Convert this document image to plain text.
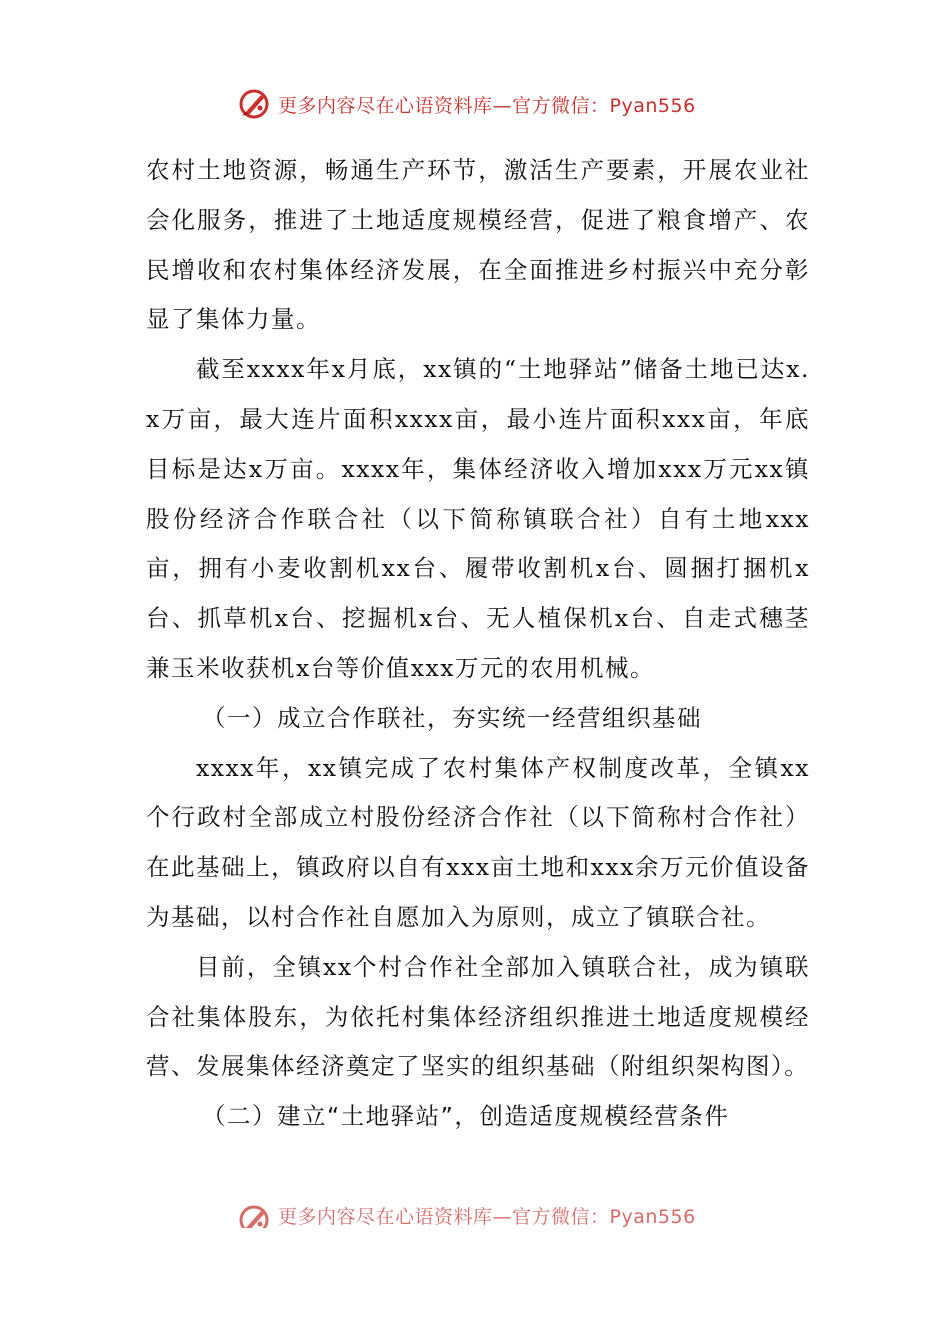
更多内容尽在心语资料库—官方微信：Pyan556

农村土地资源，畅通生产环节，激活生产要素，开展农业社会化服务，推进了土地适度规模经营，促进了粮食增产、农民增收和农村集体经济发展，在全面推进乡村振兴中充分彰显了集体力量。

截至xxxx年x月底，xx镇的“土地驿站”储备土地已达x.x万亩，最大连片面积xxxx亩，最小连片面积xxx亩，年底目标是达x万亩。xxxx年，集体经济收入增加xxx万元xx镇股份经济合作联合社（以下简称镇联合社）自有土地xxx亩，拥有小麦收割机xx台、履带收割机x台、圆捆打捆机x台、抓草机x台、挖掘机x台、无人植保机x台、自走式穗茎兼玉米收获机x台等价值xxx万元的农用机械。

（一）成立合作联社，夯实统一经营组织基础

xxxx年，xx镇完成了农村集体产权制度改革，全镇xx个行政村全部成立村股份经济合作社（以下简称村合作社）在此基础上，镇政府以自有xxx亩土地和xxx余万元价值设备为基础，以村合作社自愿加入为原则，成立了镇联合社。

目前，全镇xx个村合作社全部加入镇联合社，成为镇联合社集体股东，为依托村集体经济组织推进土地适度规模经营、发展集体经济奠定了坚实的组织基础（附组织架构图）。

（二）建立“土地驿站”，创造适度规模经营条件

更多内容尽在心语资料库—官方微信：Pyan556
